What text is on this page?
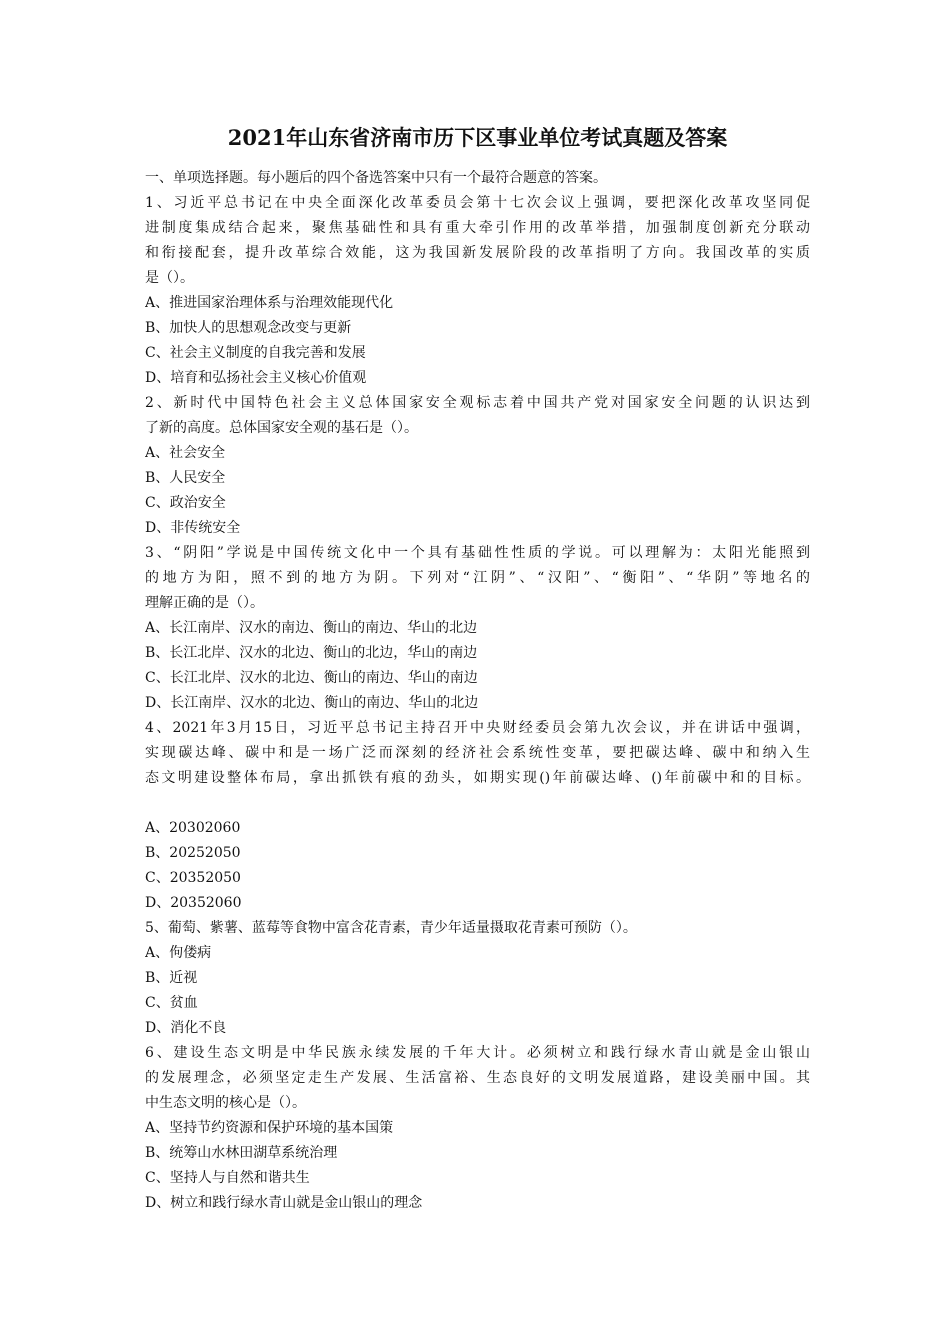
2021年山东省济南市历下区事业单位考试真题及答案
一、单项选择题。每小题后的四个备选答案中只有一个最符合题意的答案。
1、习近平总书记在中央全面深化改革委员会第十七次会议上强调，要把深化改革攻坚同促
进制度集成结合起来，聚焦基础性和具有重大牵引作用的改革举措，加强制度创新充分联动
和衔接配套，提升改革综合效能，这为我国新发展阶段的改革指明了方向。我国改革的实质
是（）。
A、推进国家治理体系与治理效能现代化
B、加快人的思想观念改变与更新
C、社会主义制度的自我完善和发展
D、培育和弘扬社会主义核心价值观
2、新时代中国特色社会主义总体国家安全观标志着中国共产党对国家安全问题的认识达到
了新的高度。总体国家安全观的基石是（）。
A、社会安全
B、人民安全
C、政治安全
D、非传统安全
3、“阴阳”学说是中国传统文化中一个具有基础性性质的学说。可以理解为：太阳光能照到
的地方为阳，照不到的地方为阴。下列对“江阴”、“汉阳”、“衡阳”、“华阴”等地名的
理解正确的是（）。
A、长江南岸、汉水的南边、衡山的南边、华山的北边
B、长江北岸、汉水的北边、衡山的北边，华山的南边
C、长江北岸、汉水的北边、衡山的南边、华山的南边
D、长江南岸、汉水的北边、衡山的南边、华山的北边
4、2021年3月15日，习近平总书记主持召开中央财经委员会第九次会议，并在讲话中强调，
实现碳达峰、碳中和是一场广泛而深刻的经济社会系统性变革，要把碳达峰、碳中和纳入生
态文明建设整体布局，拿出抓铁有痕的劲头，如期实现()年前碳达峰、()年前碳中和的目标。
A、20302060
B、20252050
C、20352050
D、20352060
5、葡萄、紫薯、蓝莓等食物中富含花青素，青少年适量摄取花青素可预防（）。
A、佝偻病
B、近视
C、贫血
D、消化不良
6、建设生态文明是中华民族永续发展的千年大计。必须树立和践行绿水青山就是金山银山
的发展理念，必须坚定走生产发展、生活富裕、生态良好的文明发展道路，建设美丽中国。其
中生态文明的核心是（）。
A、坚持节约资源和保护环境的基本国策
B、统筹山水林田湖草系统治理
C、坚持人与自然和谐共生
D、树立和践行绿水青山就是金山银山的理念
